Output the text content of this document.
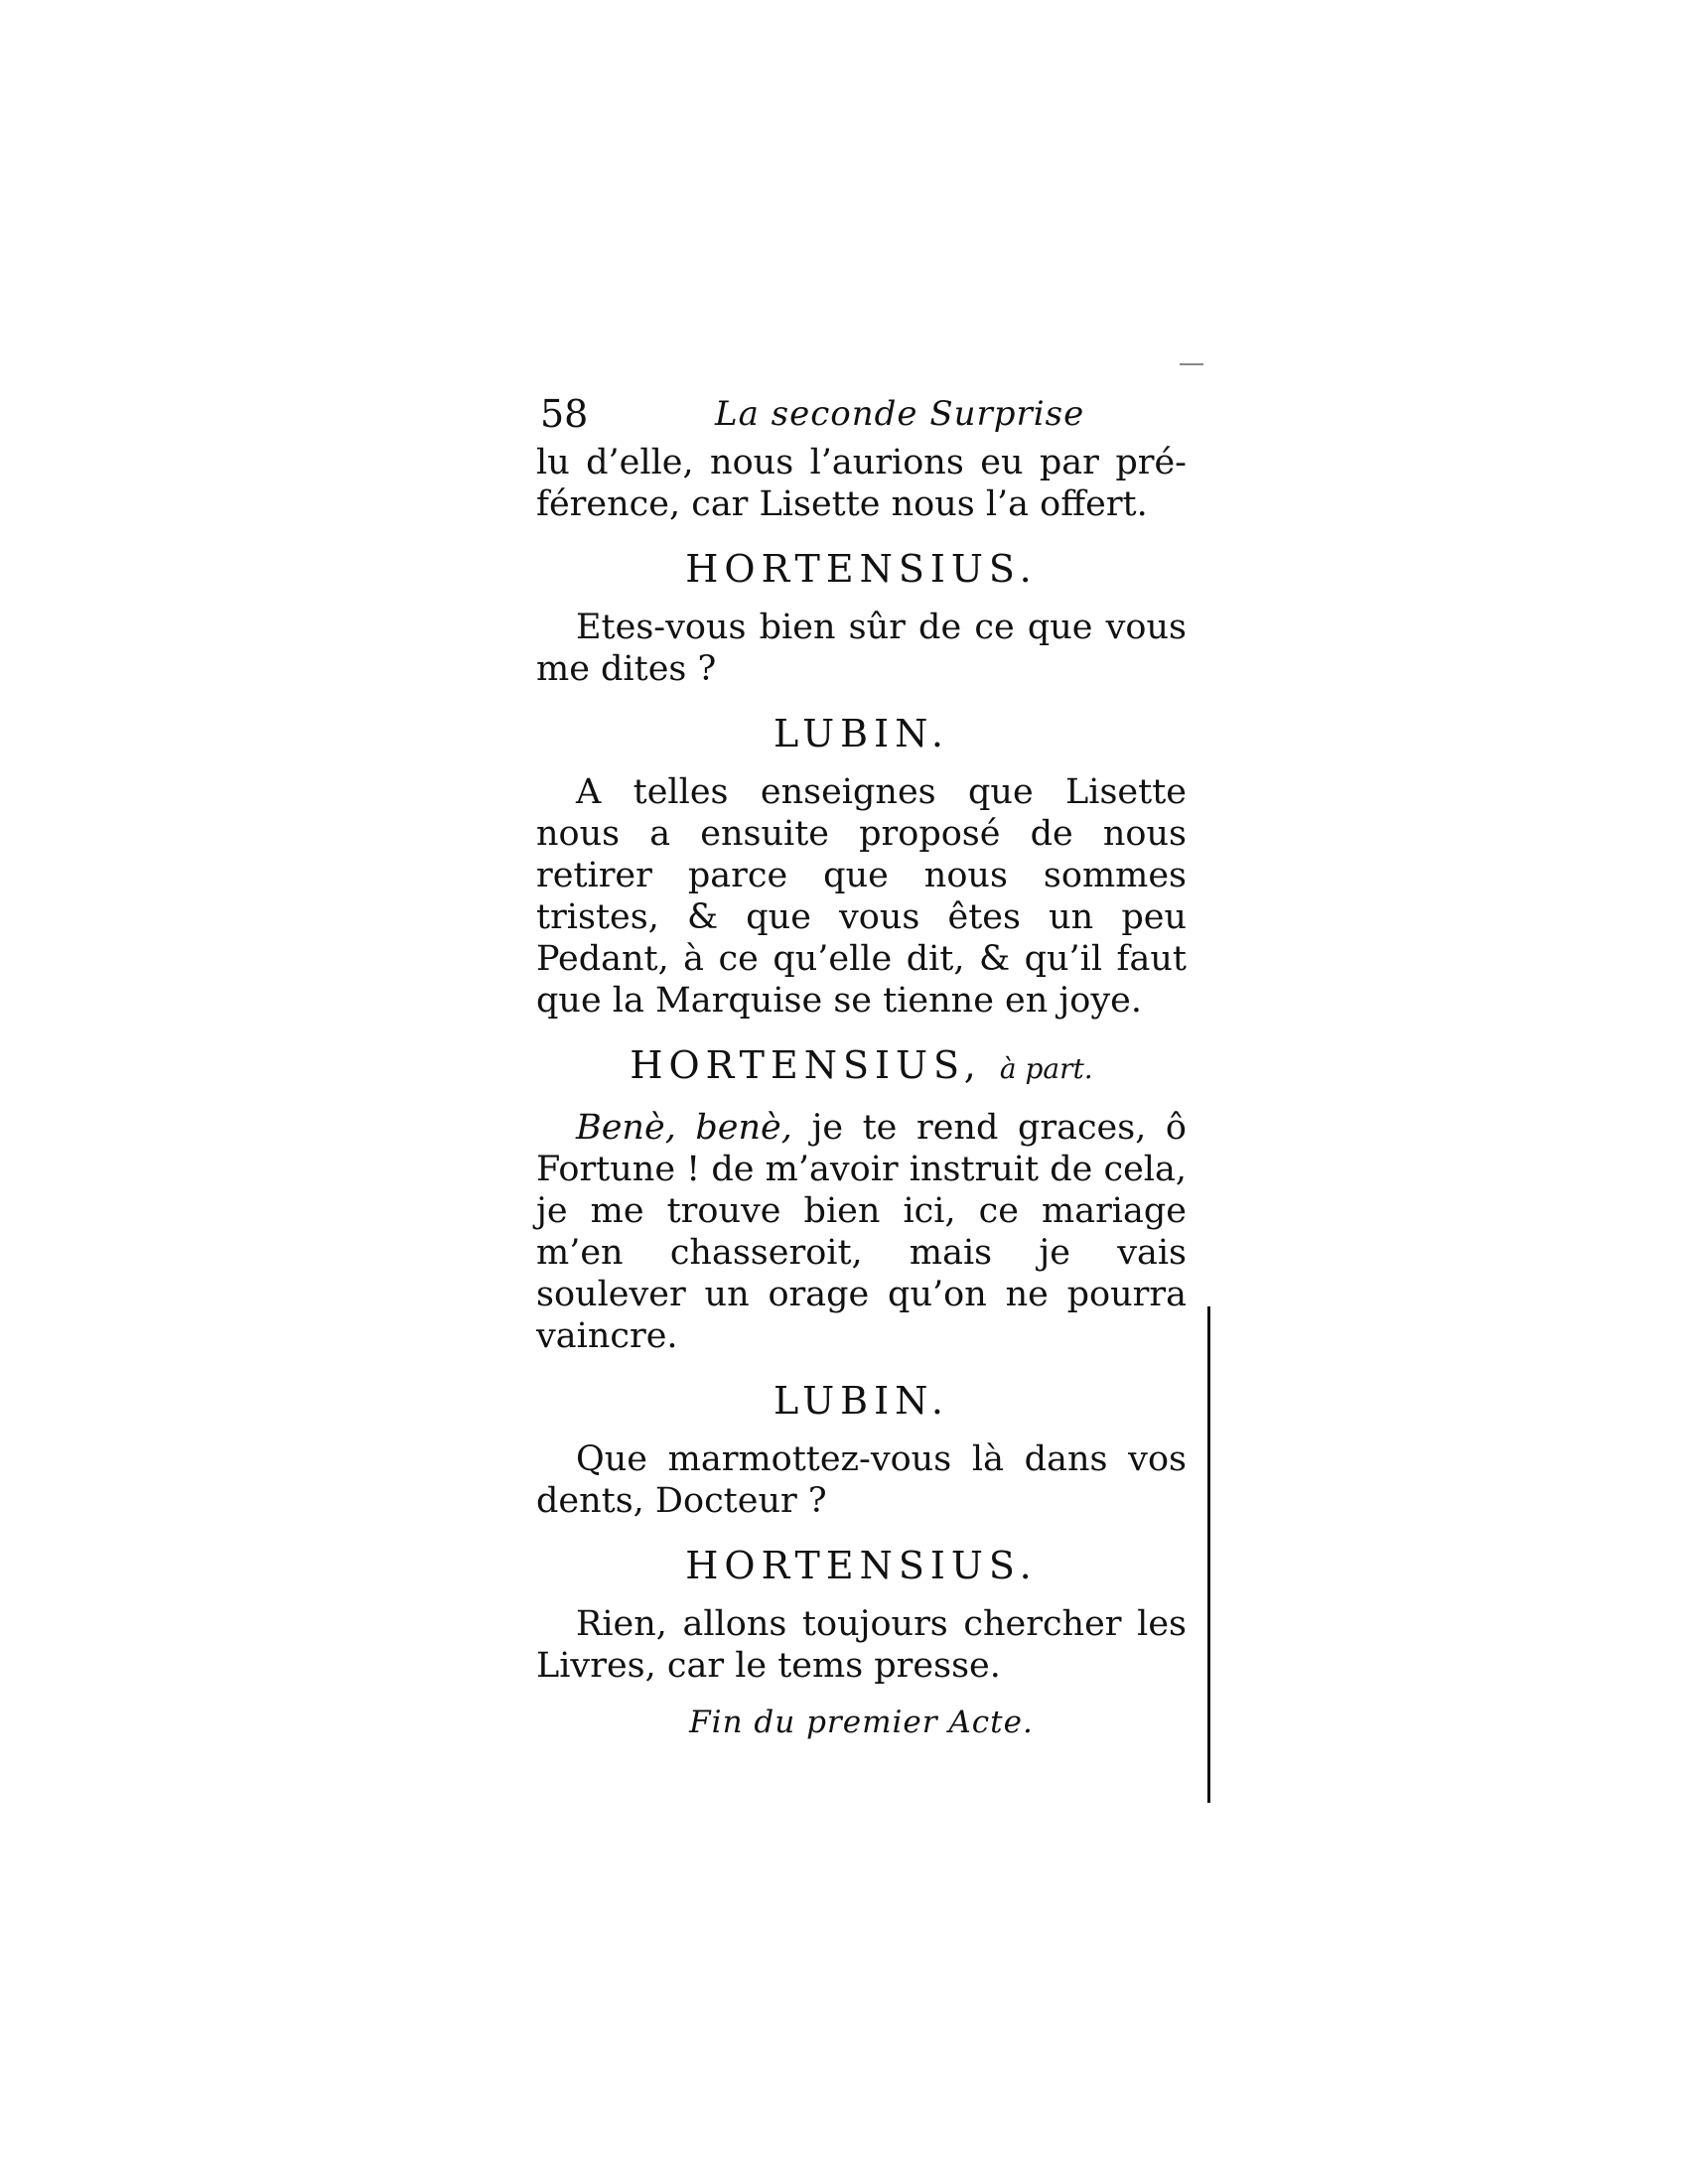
58	La seconde Surprise

lu d’elle, nous l’aurions eu par pré-férence, car Lisette nous l’a offert.

HORTENSIUS.

Etes-vous bien sûr de ce que vous me dites ?

LUBIN.

A telles enseignes que Lisette nous a ensuite proposé de nous retirer parce que nous sommes tristes, & que vous êtes un peu Pedant, à ce qu’elle dit, & qu’il faut que la Marquise se tienne en joye.

HORTENSIUS, à part.

Benè, benè, je te rend graces, ô Fortune ! de m’avoir instruit de cela, je me trouve bien ici, ce mariage m’en chasseroit, mais je vais soulever un orage qu’on ne pourra vaincre.

LUBIN.

Que marmottez-vous là dans vos dents, Docteur ?

HORTENSIUS.

Rien, allons toujours chercher les Livres, car le tems presse.

Fin du premier Acte.
